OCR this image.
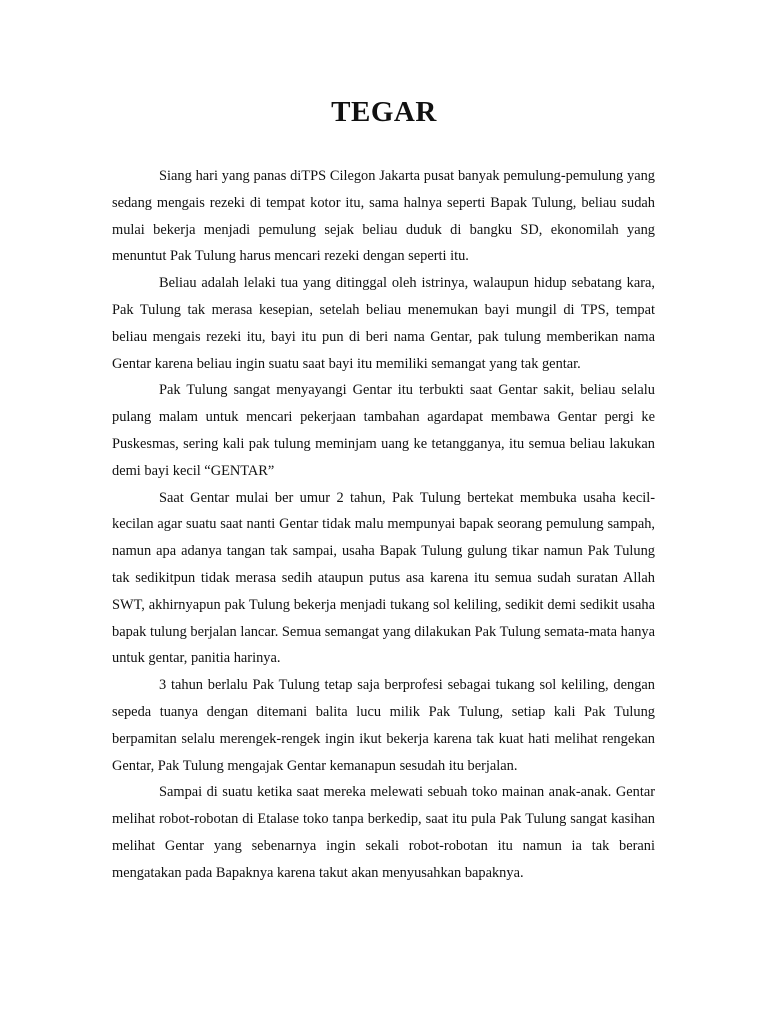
TEGAR

Siang hari yang panas diTPS Cilegon Jakarta pusat banyak pemulung-pemulung yang sedang mengais rezeki di tempat kotor itu, sama halnya seperti Bapak Tulung, beliau sudah mulai bekerja menjadi pemulung sejak beliau duduk di bangku SD, ekonomilah yang menuntut Pak Tulung harus mencari rezeki dengan seperti itu.

Beliau adalah lelaki tua yang ditinggal oleh istrinya, walaupun hidup sebatang kara, Pak Tulung tak merasa kesepian, setelah beliau menemukan bayi mungil di TPS, tempat beliau mengais rezeki itu, bayi itu pun di beri nama Gentar, pak tulung memberikan nama Gentar karena beliau ingin suatu saat bayi itu memiliki semangat yang tak gentar.

Pak Tulung sangat menyayangi Gentar itu terbukti saat Gentar sakit, beliau selalu pulang malam untuk mencari pekerjaan tambahan agardapat membawa Gentar pergi ke Puskesmas, sering kali pak tulung meminjam uang ke tetangganya, itu semua beliau lakukan demi bayi kecil “GENTAR”

Saat Gentar mulai ber umur 2 tahun, Pak Tulung bertekat membuka usaha kecil-kecilan agar suatu saat nanti Gentar tidak malu mempunyai bapak seorang pemulung sampah, namun apa adanya tangan tak sampai, usaha Bapak Tulung gulung tikar namun Pak Tulung tak sedikitpun tidak merasa sedih ataupun putus asa karena itu semua sudah suratan Allah SWT, akhirnyapun pak Tulung bekerja menjadi tukang sol keliling, sedikit demi sedikit usaha bapak tulung berjalan lancar. Semua semangat yang dilakukan Pak Tulung semata-mata hanya untuk gentar, panitia harinya.

3 tahun berlalu Pak Tulung tetap saja berprofesi sebagai tukang sol keliling, dengan sepeda tuanya dengan ditemani balita lucu milik Pak Tulung, setiap kali Pak Tulung berpamitan selalu merengek-rengek ingin ikut bekerja karena tak kuat hati melihat rengekan Gentar, Pak Tulung mengajak Gentar kemanapun sesudah itu berjalan.

Sampai di suatu ketika saat mereka melewati sebuah toko mainan anak-anak. Gentar melihat robot-robotan di Etalase toko tanpa berkedip, saat itu pula Pak Tulung sangat kasihan melihat Gentar yang sebenarnya ingin sekali robot-robotan itu namun ia tak berani mengatakan pada Bapaknya karena takut akan menyusahkan bapaknya.
